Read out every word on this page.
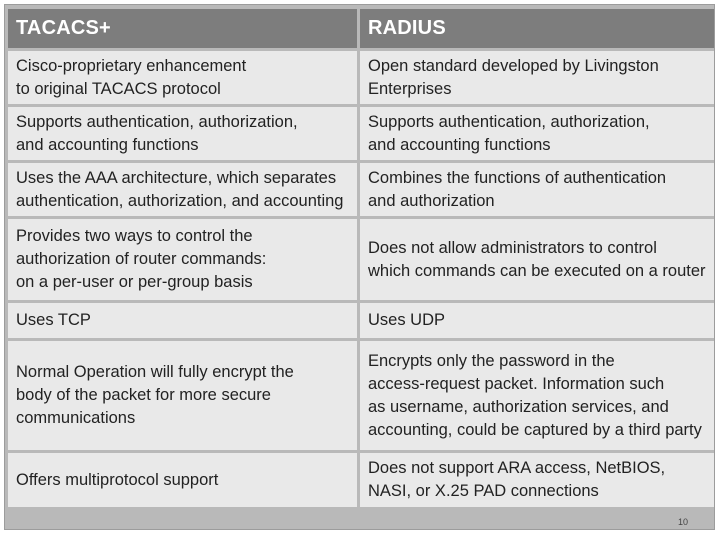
TACACS+	RADIUS

Cisco-proprietary enhancement
to original TACACS protocol	Open standard developed by Livingston
Enterprises

Supports authentication, authorization,
and accounting functions	Supports authentication, authorization,
and accounting functions

Uses the AAA architecture, which separates
authentication, authorization, and accounting	Combines the functions of authentication
and authorization

Provides two ways to control the
authorization of router commands:
on a per-user or per-group basis	Does not allow administrators to control
which commands can be executed on a router

Uses TCP	Uses UDP

Normal Operation will fully encrypt the
body of the packet for more secure
communications	Encrypts only the password in the
access-request packet. Information such
as username, authorization services, and
accounting, could be captured by a third party

Offers multiprotocol support	Does not support ARA access, NetBIOS,
NASI, or X.25 PAD connections
10
